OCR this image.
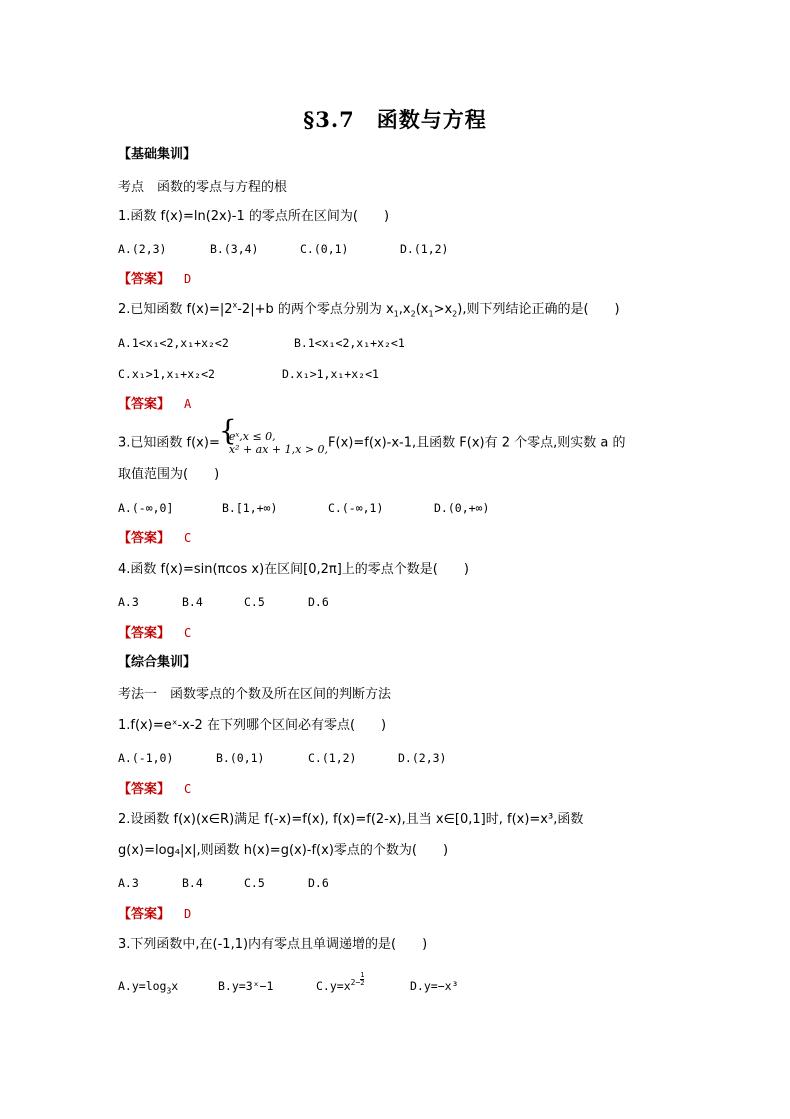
§3.7　函数与方程
【基础集训】
考点　函数的零点与方程的根
1.函数 f(x)=ln(2x)-1 的零点所在区间为(　　)
A.(2,3)	B.(3,4)	C.(0,1)	D.(1,2)
【答案】 D
2.已知函数 $f(x)=|2^x-2|+b$ 的两个零点分别为 $x_1,x_2(x_1>x_2)$,则下列结论正确的是(　　)
A.1<x₁<2,x₁+x₂<2	B.1<x₁<2,x₁+x₂<1
C.x₁>1,x₁+x₂<2	D.x₁>1,x₁+x₂<1
【答案】 A
3.已知函数 f(x)=
{ eˣ,x ≤ 0,
x² + ax + 1,x > 0, F(x)=f(x)-x-1,且函数 F(x)有 2 个零点,则实数 a 的
取值范围为(　　)
A.(-∞,0]	B.[1,+∞)	C.(-∞,1)	D.(0,+∞)
【答案】 C
4.函数 f(x)=sin(πcos x)在区间[0,2π]上的零点个数是(　　)
A.3	B.4	C.5	D.6
【答案】 C
【综合集训】
考法一　函数零点的个数及所在区间的判断方法
1.f(x)=eˣ-x-2 在下列哪个区间必有零点(　　)
A.(-1,0)	B.(0,1)	C.(1,2)	D.(2,3)
【答案】 C
2.设函数 f(x)(x∈R)满足 f(-x)=f(x), f(x)=f(2-x),且当 x∈[0,1]时, f(x)=x³,函数
g(x)=log₄|x|,则函数 h(x)=g(x)-f(x)零点的个数为(　　)
A.3	B.4	C.5	D.6
【答案】 D
3.下列函数中,在(-1,1)内有零点且单调递增的是(　　)
$A.y=\log_3x$	B.y=3ˣ−1	$C.y=x^{2-} \frac{1}{2}$	D.y=−x³
